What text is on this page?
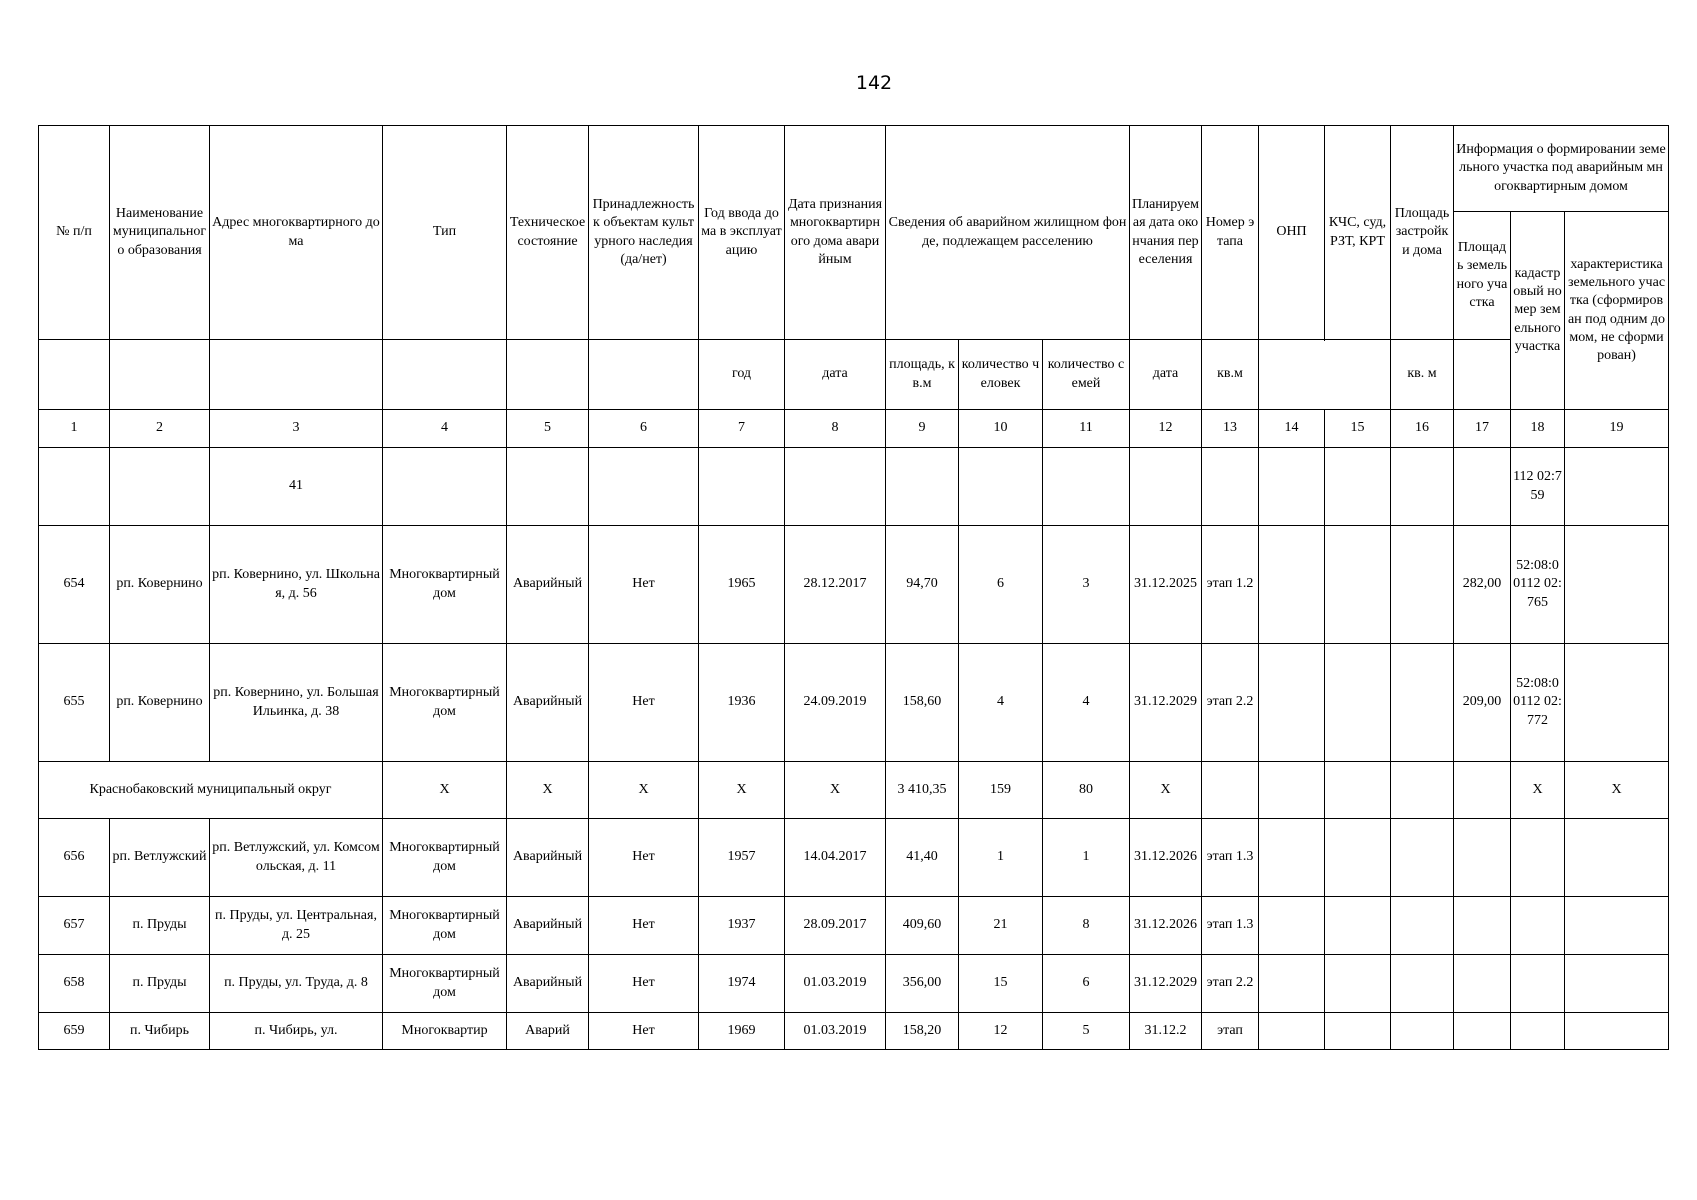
142
№ п/п	Наименование муниципального образования	Адрес многоквартирного дома	Тип	Техническое состояние	Принадлежность к объектам культурного наследия (да/нет)	Год ввода дома в эксплуатацию	Дата признания многоквартирного дома аварийным	Сведения об аварийном жилищном фонде, подлежащем расселению			Планируемая дата окончания переселения	Номер этапа	ОНП	КЧС, суд, РЗТ, КРТ	Площадь застройки дома	Информация о формировании земельного участка под аварийным многоквартирным домом		
																Площадь земельного участка	кадастровый номер земельного участка	характеристика земельного участка (сформирован под одним домом, не сформирован)
						год	дата	площадь, кв.м	количество человек	количество семей	дата				кв. м			
												кв.м						
1	2	3	4	5	6	7	8	9	10	11	12	13	14	15	16	17	18	19
		41															112 02:7 59	
654	рп. Ковернино	рп. Ковернино, ул. Школьная, д. 56	Многоквартирный дом	Аварийный	Нет	1965	28.12.2017	94,70	6	3	31.12.2025	этап 1.2				282,00	52:08:00112 02:765	
655	рп. Ковернино	рп. Ковернино, ул. Большая Ильинка, д. 38	Многоквартирный дом	Аварийный	Нет	1936	24.09.2019	158,60	4	4	31.12.2029	этап 2.2				209,00	52:08:00112 02:772	
Краснобаковский муниципальный округ			X	X	X	X	X	3 410,35	159	80	X						X	X
656	рп. Ветлужский	рп. Ветлужский, ул. Комсомольская, д. 11	Многоквартирный дом	Аварийный	Нет	1957	14.04.2017	41,40	1	1	31.12.2026	этап 1.3						
657	п. Пруды	п. Пруды, ул. Центральная, д. 25	Многоквартирный дом	Аварийный	Нет	1937	28.09.2017	409,60	21	8	31.12.2026	этап 1.3						
658	п. Пруды	п. Пруды, ул. Труда, д. 8	Многоквартирный дом	Аварийный	Нет	1974	01.03.2019	356,00	15	6	31.12.2029	этап 2.2						
659	п. Чибирь	п. Чибирь, ул.	Многоквартир	Аварий	Нет	1969	01.03.2019	158,20	12	5	31.12.2	этап						
